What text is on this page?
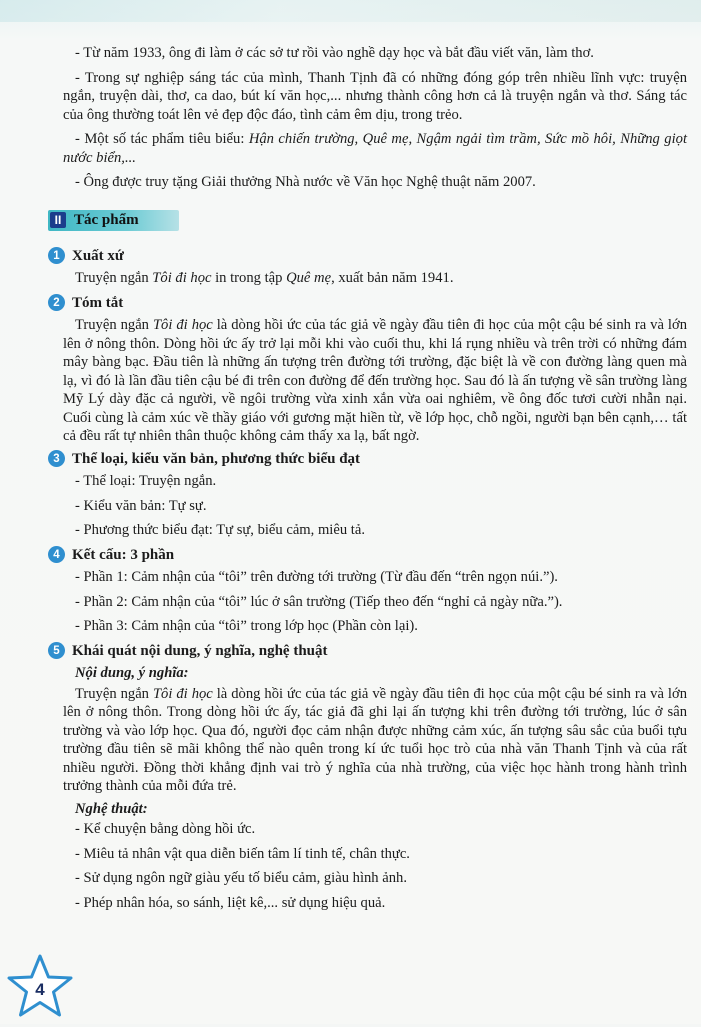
- Từ năm 1933, ông đi làm ở các sở tư rồi vào nghề dạy học và bắt đầu viết văn, làm thơ.

- Trong sự nghiệp sáng tác của mình, Thanh Tịnh đã có những đóng góp trên nhiều lĩnh vực: truyện ngắn, truyện dài, thơ, ca dao, bút kí văn học,... nhưng thành công hơn cả là truyện ngắn và thơ. Sáng tác của ông thường toát lên vẻ đẹp độc đáo, tình cảm êm dịu, trong trẻo.

- Một số tác phẩm tiêu biểu: Hận chiến trường, Quê mẹ, Ngậm ngải tìm trầm, Sức mồ hôi, Những giọt nước biển,...

- Ông được truy tặng Giải thưởng Nhà nước về Văn học Nghệ thuật năm 2007.

II Tác phẩm
1 Xuất xứ

Truyện ngắn Tôi đi học in trong tập Quê mẹ, xuất bản năm 1941.

2 Tóm tắt

Truyện ngắn Tôi đi học là dòng hồi ức của tác giả về ngày đầu tiên đi học của một cậu bé sinh ra và lớn lên ở nông thôn. Dòng hồi ức ấy trở lại mỗi khi vào cuối thu, khi lá rụng nhiều và trên trời có những đám mây bàng bạc. Đầu tiên là những ấn tượng trên đường tới trường, đặc biệt là về con đường làng quen mà lạ, vì đó là lần đầu tiên cậu bé đi trên con đường để đến trường học. Sau đó là ấn tượng về sân trường làng Mỹ Lý dày đặc cả người, về ngôi trường vừa xinh xắn vừa oai nghiêm, về ông đốc tươi cười nhẫn nại. Cuối cùng là cảm xúc về thầy giáo với gương mặt hiền từ, về lớp học, chỗ ngồi, người bạn bên cạnh,… tất cả đều rất tự nhiên thân thuộc không cảm thấy xa lạ, bất ngờ.

3 Thể loại, kiểu văn bản, phương thức biểu đạt

- Thể loại: Truyện ngắn.

- Kiểu văn bản: Tự sự.

- Phương thức biểu đạt: Tự sự, biểu cảm, miêu tả.

4 Kết cấu: 3 phần

- Phần 1: Cảm nhận của “tôi” trên đường tới trường (Từ đầu đến “trên ngọn núi.”).

- Phần 2: Cảm nhận của “tôi” lúc ở sân trường (Tiếp theo đến “nghỉ cả ngày nữa.”).

- Phần 3: Cảm nhận của “tôi” trong lớp học (Phần còn lại).

5 Khái quát nội dung, ý nghĩa, nghệ thuật

Nội dung, ý nghĩa:

Truyện ngắn Tôi đi học là dòng hồi ức của tác giả về ngày đầu tiên đi học của một cậu bé sinh ra và lớn lên ở nông thôn. Trong dòng hồi ức ấy, tác giả đã ghi lại ấn tượng khi trên đường tới trường, lúc ở sân trường và vào lớp học. Qua đó, người đọc cảm nhận được những cảm xúc, ấn tượng sâu sắc của buổi tựu trường đầu tiên sẽ mãi không thể nào quên trong kí ức tuổi học trò của nhà văn Thanh Tịnh và của rất nhiều người. Đồng thời khẳng định vai trò ý nghĩa của nhà trường, của việc học hành trong hành trình trưởng thành của mỗi đứa trẻ.

Nghệ thuật:

- Kể chuyện bằng dòng hồi ức.

- Miêu tả nhân vật qua diễn biến tâm lí tinh tế, chân thực.

- Sử dụng ngôn ngữ giàu yếu tố biểu cảm, giàu hình ảnh.

- Phép nhân hóa, so sánh, liệt kê,... sử dụng hiệu quả.

4
